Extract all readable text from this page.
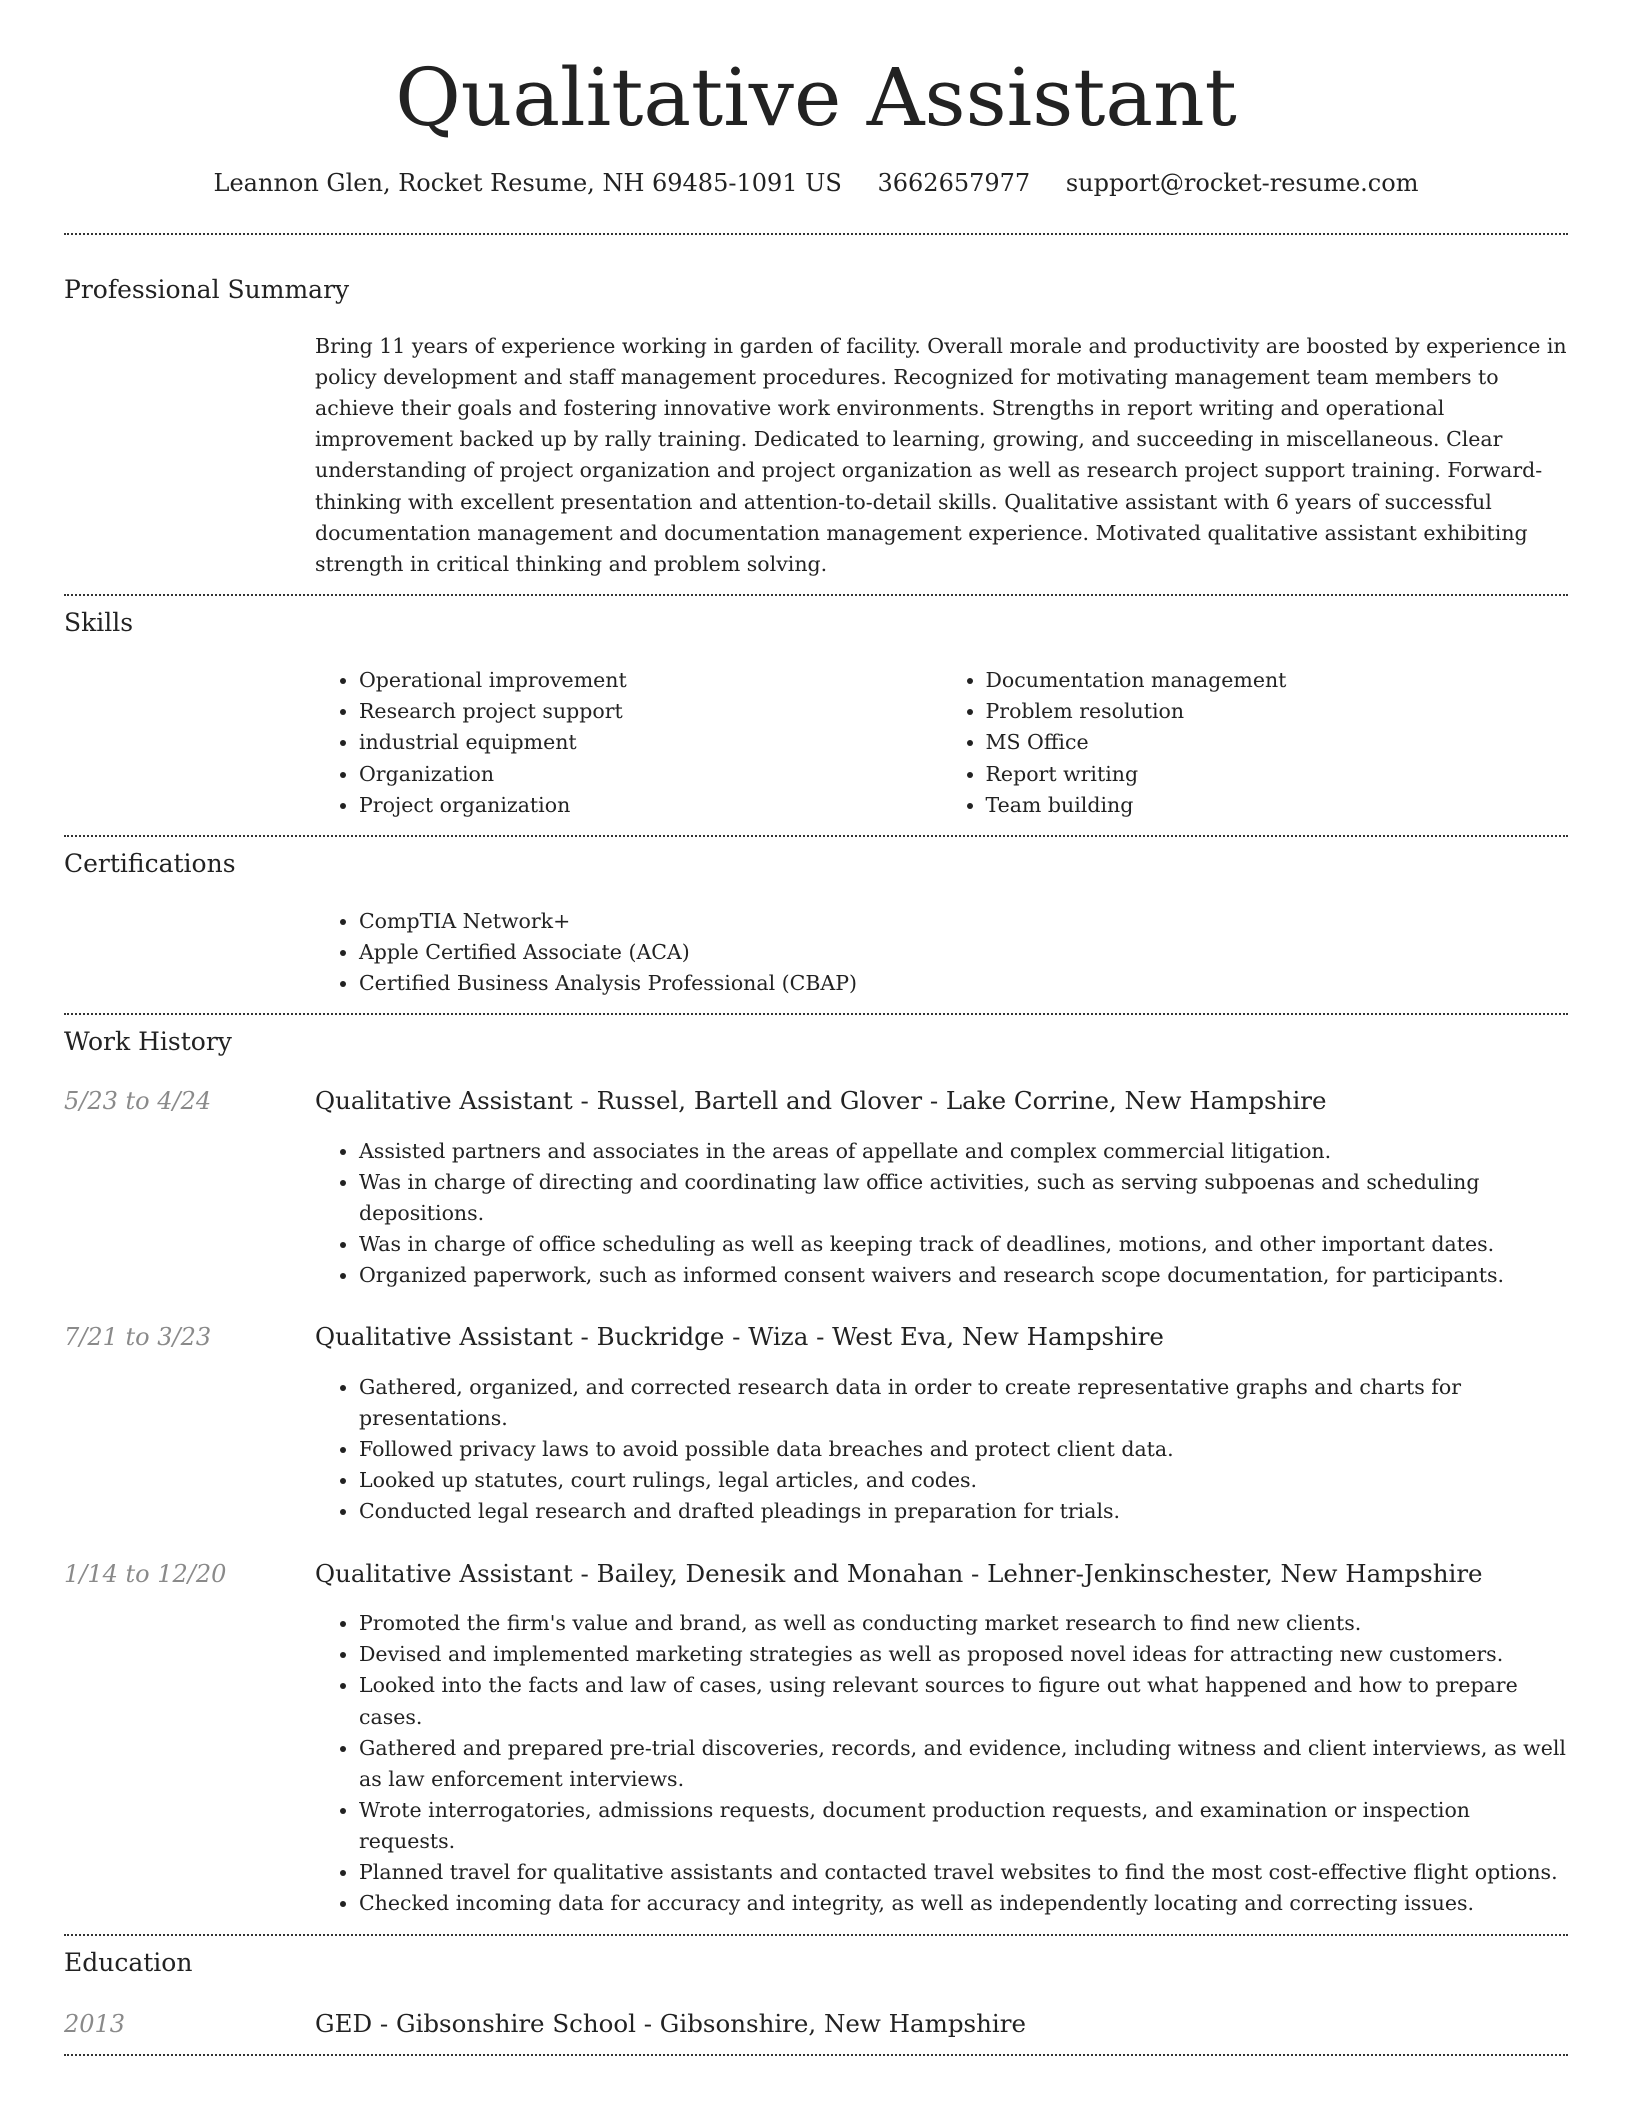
Qualitative Assistant
Leannon Glen, Rocket Resume, NH 69485-1091 US 3662657977 support@rocket-resume.com
Professional Summary

Bring 11 years of experience working in garden of facility. Overall morale and productivity are boosted by experience in policy development and staff management procedures. Recognized for motivating management team members to achieve their goals and fostering innovative work environments. Strengths in report writing and operational improvement backed up by rally training. Dedicated to learning, growing, and succeeding in miscellaneous. Clear understanding of project organization and project organization as well as research project support training. Forward-thinking with excellent presentation and attention-to-detail skills. Qualitative assistant with 6 years of successful documentation management and documentation management experience. Motivated qualitative assistant exhibiting strength in critical thinking and problem solving.

Skills
• Operational improvement
• Research project support
• industrial equipment
• Organization
• Project organization
• Documentation management
• Problem resolution
• MS Office
• Report writing
• Team building
Certifications
• CompTIA Network+
• Apple Certified Associate (ACA)
• Certified Business Analysis Professional (CBAP)
Work History
5/23 to 4/24	Qualitative Assistant - Russel, Bartell and Glover - Lake Corrine, New Hampshire
• Assisted partners and associates in the areas of appellate and complex commercial litigation.
• Was in charge of directing and coordinating law office activities, such as serving subpoenas and scheduling depositions.
• Was in charge of office scheduling as well as keeping track of deadlines, motions, and other important dates.
• Organized paperwork, such as informed consent waivers and research scope documentation, for participants.
7/21 to 3/23	Qualitative Assistant - Buckridge - Wiza - West Eva, New Hampshire
• Gathered, organized, and corrected research data in order to create representative graphs and charts for presentations.
• Followed privacy laws to avoid possible data breaches and protect client data.
• Looked up statutes, court rulings, legal articles, and codes.
• Conducted legal research and drafted pleadings in preparation for trials.
1/14 to 12/20	Qualitative Assistant - Bailey, Denesik and Monahan - Lehner-Jenkinschester, New Hampshire
• Promoted the firm's value and brand, as well as conducting market research to find new clients.
• Devised and implemented marketing strategies as well as proposed novel ideas for attracting new customers.
• Looked into the facts and law of cases, using relevant sources to figure out what happened and how to prepare cases.
• Gathered and prepared pre-trial discoveries, records, and evidence, including witness and client interviews, as well as law enforcement interviews.
• Wrote interrogatories, admissions requests, document production requests, and examination or inspection requests.
• Planned travel for qualitative assistants and contacted travel websites to find the most cost-effective flight options.
• Checked incoming data for accuracy and integrity, as well as independently locating and correcting issues.
Education
2013	GED - Gibsonshire School - Gibsonshire, New Hampshire
